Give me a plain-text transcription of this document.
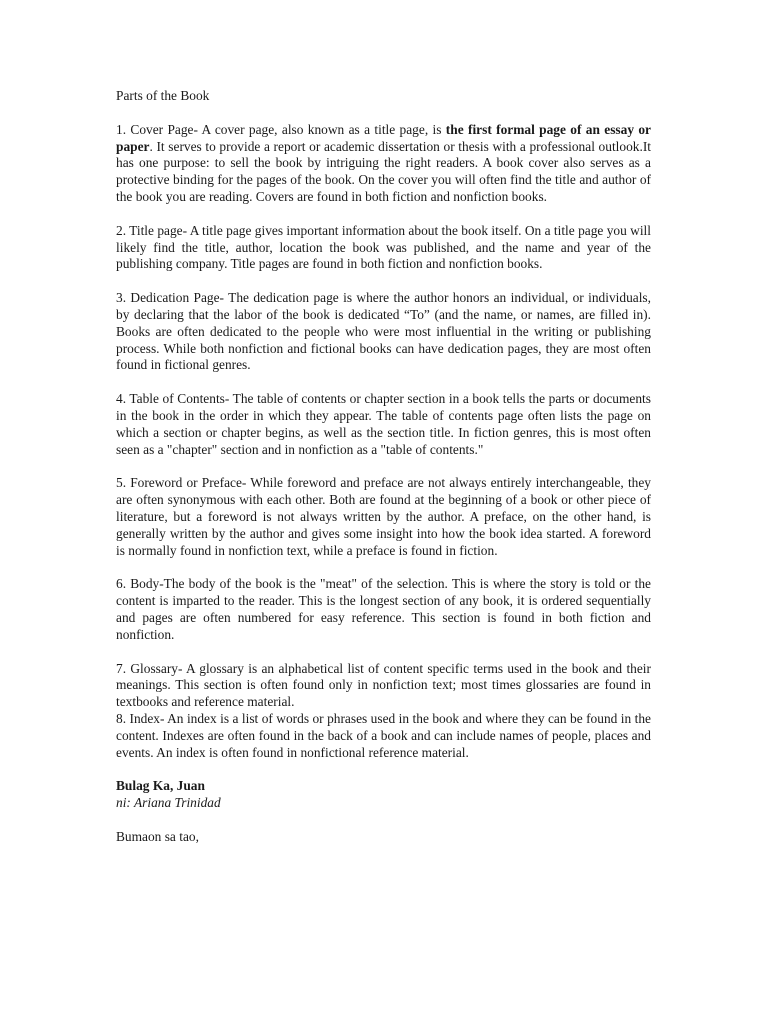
Parts of the Book

1. Cover Page- A cover page, also known as a title page, is the first formal page of an essay or paper. It serves to provide a report or academic dissertation or thesis with a professional outlook.It has one purpose: to sell the book by intriguing the right readers. A book cover also serves as a protective binding for the pages of the book. On the cover you will often find the title and author of the book you are reading. Covers are found in both fiction and nonfiction books.

2. Title page- A title page gives important information about the book itself. On a title page you will likely find the title, author, location the book was published, and the name and year of the publishing company. Title pages are found in both fiction and nonfiction books.

3. Dedication Page- The dedication page is where the author honors an individual, or individuals, by declaring that the labor of the book is dedicated “To” (and the name, or names, are filled in). Books are often dedicated to the people who were most influential in the writing or publishing process. While both nonfiction and fictional books can have dedication pages, they are most often found in fictional genres.

4. Table of Contents- The table of contents or chapter section in a book tells the parts or documents in the book in the order in which they appear. The table of contents page often lists the page on which a section or chapter begins, as well as the section title. In fiction genres, this is most often seen as a "chapter" section and in nonfiction as a "table of contents."

5. Foreword or Preface- While foreword and preface are not always entirely interchangeable, they are often synonymous with each other. Both are found at the beginning of a book or other piece of literature, but a foreword is not always written by the author. A preface, on the other hand, is generally written by the author and gives some insight into how the book idea started. A foreword is normally found in nonfiction text, while a preface is found in fiction.

6. Body-The body of the book is the "meat" of the selection. This is where the story is told or the content is imparted to the reader. This is the longest section of any book, it is ordered sequentially and pages are often numbered for easy reference. This section is found in both fiction and nonfiction.

7. Glossary- A glossary is an alphabetical list of content specific terms used in the book and their meanings. This section is often found only in nonfiction text; most times glossaries are found in textbooks and reference material.

8. Index- An index is a list of words or phrases used in the book and where they can be found in the content. Indexes are often found in the back of a book and can include names of people, places and events. An index is often found in nonfictional reference material.

Bulag Ka, Juan

ni: Ariana Trinidad

Bumaon sa tao,
